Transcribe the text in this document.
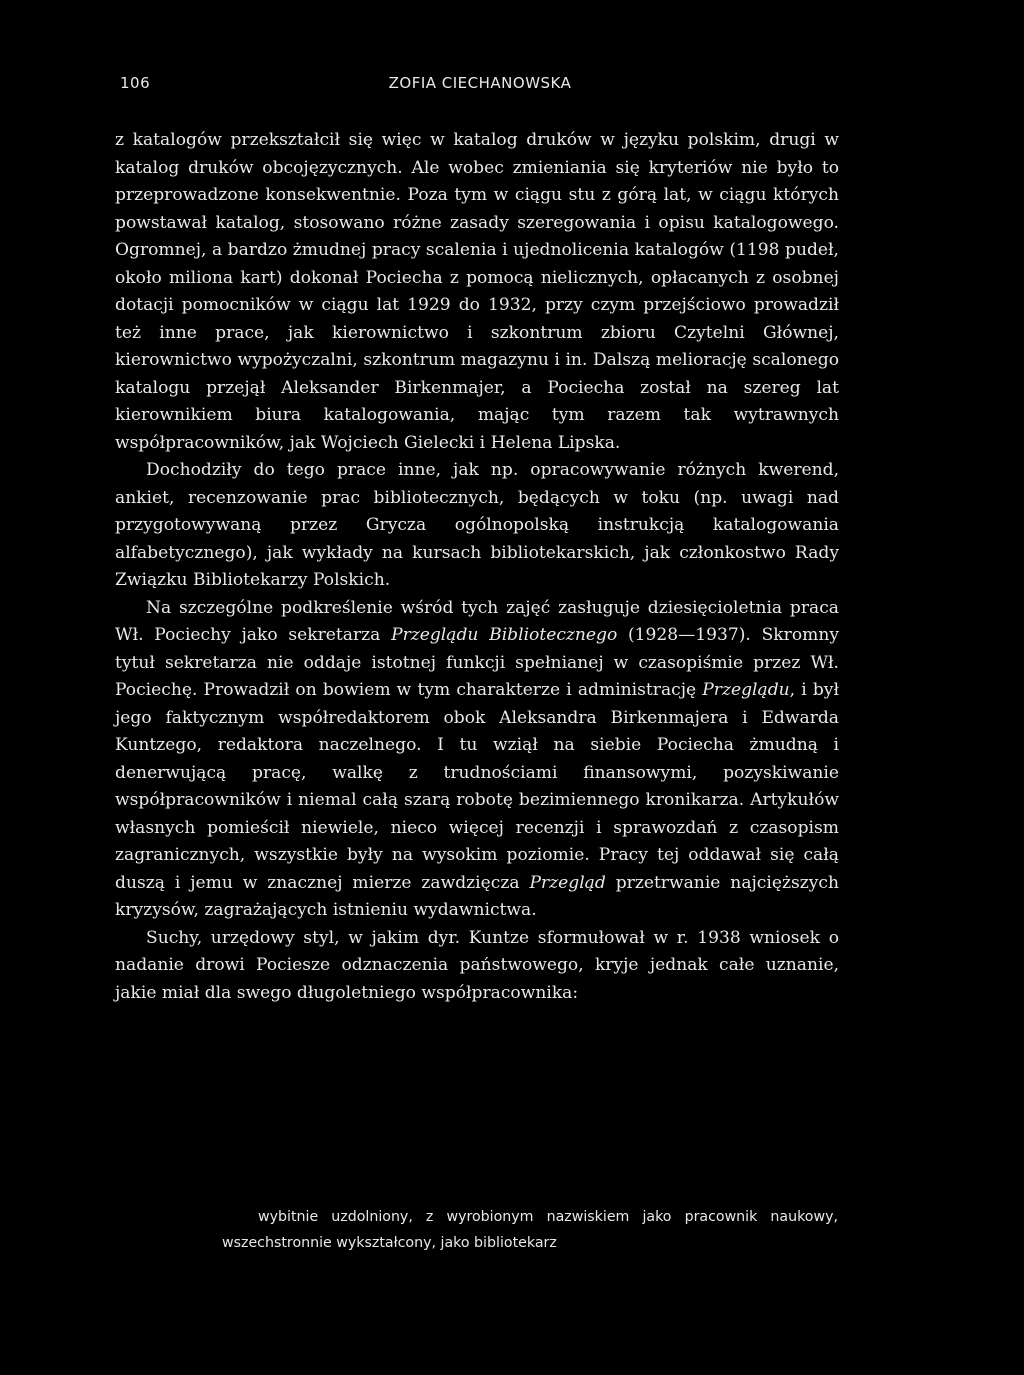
106	ZOFIA CIECHANOWSKA

z katalogów przekształcił się więc w katalog druków w języku polskim, drugi w katalog druków obcojęzycznych. Ale wobec zmieniania się kryteriów nie było to przeprowadzone konsekwentnie. Poza tym w ciągu stu z górą lat, w ciągu których powstawał katalog, stosowano różne zasady szeregowania i opisu katalogowego. Ogromnej, a bardzo żmudnej pracy scalenia i ujednolicenia katalogów (1198 pudeł, około miliona kart) dokonał Pociecha z pomocą nielicznych, opłacanych z osobnej dotacji pomocników w ciągu lat 1929 do 1932, przy czym przejściowo prowadził też inne prace, jak kierownictwo i szkontrum zbioru Czytelni Głównej, kierownictwo wypożyczalni, szkontrum magazynu i in. Dalszą meliorację scalonego katalogu przejął Aleksander Birkenmajer, a Pociecha został na szereg lat kierownikiem biura katalogowania, mając tym razem tak wytrawnych współpracowników, jak Wojciech Gielecki i Helena Lipska.

Dochodziły do tego prace inne, jak np. opracowywanie różnych kwerend, ankiet, recenzowanie prac bibliotecznych, będących w toku (np. uwagi nad przygotowywaną przez Grycza ogólnopolską instrukcją katalogowania alfabetycznego), jak wykłady na kursach bibliotekarskich, jak członkostwo Rady Związku Bibliotekarzy Polskich.

Na szczególne podkreślenie wśród tych zajęć zasługuje dziesięcioletnia praca Wł. Pociechy jako sekretarza Przeglądu Bibliotecznego (1928—1937). Skromny tytuł sekretarza nie oddaje istotnej funkcji spełnianej w czasopiśmie przez Wł. Pociechę. Prowadził on bowiem w tym charakterze i administrację Przeglądu, i był jego faktycznym współredaktorem obok Aleksandra Birkenmajera i Edwarda Kuntzego, redaktora naczelnego. I tu wziął na siebie Pociecha żmudną i denerwującą pracę, walkę z trudnościami finansowymi, pozyskiwanie współpracowników i niemal całą szarą robotę bezimiennego kronikarza. Artykułów własnych pomieścił niewiele, nieco więcej recenzji i sprawozdań z czasopism zagranicznych, wszystkie były na wysokim poziomie. Pracy tej oddawał się całą duszą i jemu w znacznej mierze zawdzięcza Przegląd przetrwanie najcięższych kryzysów, zagrażających istnieniu wydawnictwa.

Suchy, urzędowy styl, w jakim dyr. Kuntze sformułował w r. 1938 wniosek o nadanie drowi Pociesze odznaczenia państwowego, kryje jednak całe uznanie, jakie miał dla swego długoletniego współpracownika:

wybitnie uzdolniony, z wyrobionym nazwiskiem jako pracownik naukowy, wszechstronnie wykształcony, jako bibliotekarz
